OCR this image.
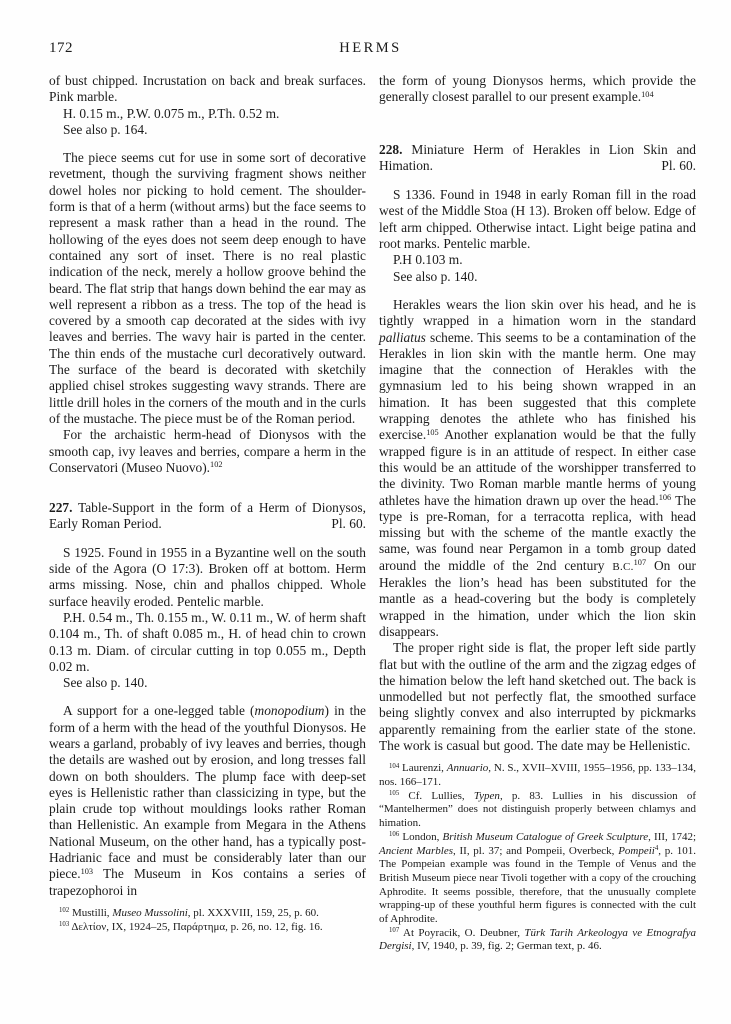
172	HERMS
of bust chipped. Incrustation on back and break surfaces. Pink marble.
H. 0.15 m., P.W. 0.075 m., P.Th. 0.52 m.
See also p. 164.
The piece seems cut for use in some sort of decorative revetment, though the surviving fragment shows neither dowel holes nor picking to hold cement. The shoulder-form is that of a herm (without arms) but the face seems to represent a mask rather than a head in the round. The hollowing of the eyes does not seem deep enough to have contained any sort of inset. There is no real plastic indication of the neck, merely a hollow groove behind the beard. The flat strip that hangs down behind the ear may as well represent a ribbon as a tress. The top of the head is covered by a smooth cap decorated at the sides with ivy leaves and berries. The wavy hair is parted in the center. The thin ends of the mustache curl decoratively outward. The surface of the beard is decorated with sketchily applied chisel strokes suggesting wavy strands. There are little drill holes in the corners of the mouth and in the curls of the mustache. The piece must be of the Roman period.
For the archaistic herm-head of Dionysos with the smooth cap, ivy leaves and berries, compare a herm in the Conservatori (Museo Nuovo).$^{102}$
227. Table-Support in the form of a Herm of Dionysos, Early Roman Period.	Pl. 60.
S 1925. Found in 1955 in a Byzantine well on the south side of the Agora (O 17:3). Broken off at bottom. Herm arms missing. Nose, chin and phallos chipped. Whole surface heavily eroded. Pentelic marble.
P.H. 0.54 m., Th. 0.155 m., W. 0.11 m., W. of herm shaft 0.104 m., Th. of shaft 0.085 m., H. of head chin to crown 0.13 m. Diam. of circular cutting in top 0.055 m., Depth 0.02 m.
See also p. 140.
A support for a one-legged table (monopodium) in the form of a herm with the head of the youthful Dionysos. He wears a garland, probably of ivy leaves and berries, though the details are washed out by erosion, and long tresses fall down on both shoulders. The plump face with deep-set eyes is Hellenistic rather than classicizing in type, but the plain crude top without mouldings looks rather Roman than Hellenistic. An example from Megara in the Athens National Museum, on the other hand, has a typically post-Hadrianic face and must be considerably later than our piece.$^{103}$ The Museum in Kos contains a series of trapezophoroi in
$^{102}$ Mustilli, Museo Mussolini, pl. XXXVIII, 159, 25, p. 60.
$^{103}$ Δελτίον, IX, 1924–25, Παράρτημα, p. 26, no. 12, fig. 16.
the form of young Dionysos herms, which provide the generally closest parallel to our present example.$^{104}$
228. Miniature Herm of Herakles in Lion Skin and Himation.	Pl. 60.
S 1336. Found in 1948 in early Roman fill in the road west of the Middle Stoa (H 13). Broken off below. Edge of left arm chipped. Otherwise intact. Light beige patina and root marks. Pentelic marble.
P.H 0.103 m.
See also p. 140.
Herakles wears the lion skin over his head, and he is tightly wrapped in a himation worn in the standard palliatus scheme. This seems to be a contamination of the Herakles in lion skin with the mantle herm. One may imagine that the connection of Herakles with the gymnasium led to his being shown wrapped in an himation. It has been suggested that this complete wrapping denotes the athlete who has finished his exercise.$^{105}$ Another explanation would be that the fully wrapped figure is in an attitude of respect. In either case this would be an attitude of the worshipper transferred to the divinity. Two Roman marble mantle herms of young athletes have the himation drawn up over the head.$^{106}$ The type is pre-Roman, for a terracotta replica, with head missing but with the scheme of the mantle exactly the same, was found near Pergamon in a tomb group dated around the middle of the 2nd century B.C.$^{107}$ On our Herakles the lion’s head has been substituted for the mantle as a head-covering but the body is completely wrapped in the himation, under which the lion skin disappears.
The proper right side is flat, the proper left side partly flat but with the outline of the arm and the zigzag edges of the himation below the left hand sketched out. The back is unmodelled but not perfectly flat, the smoothed surface being slightly convex and also interrupted by pickmarks apparently remaining from the earlier state of the stone. The work is casual but good. The date may be Hellenistic.
$^{104}$ Laurenzi, Annuario, N. S., XVII–XVIII, 1955–1956, pp. 133–134, nos. 166–171.
$^{105}$ Cf. Lullies, Typen, p. 83. Lullies in his discussion of “Mantelhermen” does not distinguish properly between chlamys and himation.
$^{106}$ London, British Museum Catalogue of Greek Sculpture, III, 1742; Ancient Marbles, II, pl. 37; and Pompeii, Overbeck, Pompeii$^4$, p. 101. The Pompeian example was found in the Temple of Venus and the British Museum piece near Tivoli together with a copy of the crouching Aphrodite. It seems possible, therefore, that the unusually complete wrapping-up of these youthful herm figures is connected with the cult of Aphrodite.
$^{107}$ At Poyracik, O. Deubner, Türk Tarih Arkeologya ve Etnografya Dergisi, IV, 1940, p. 39, fig. 2; German text, p. 46.
